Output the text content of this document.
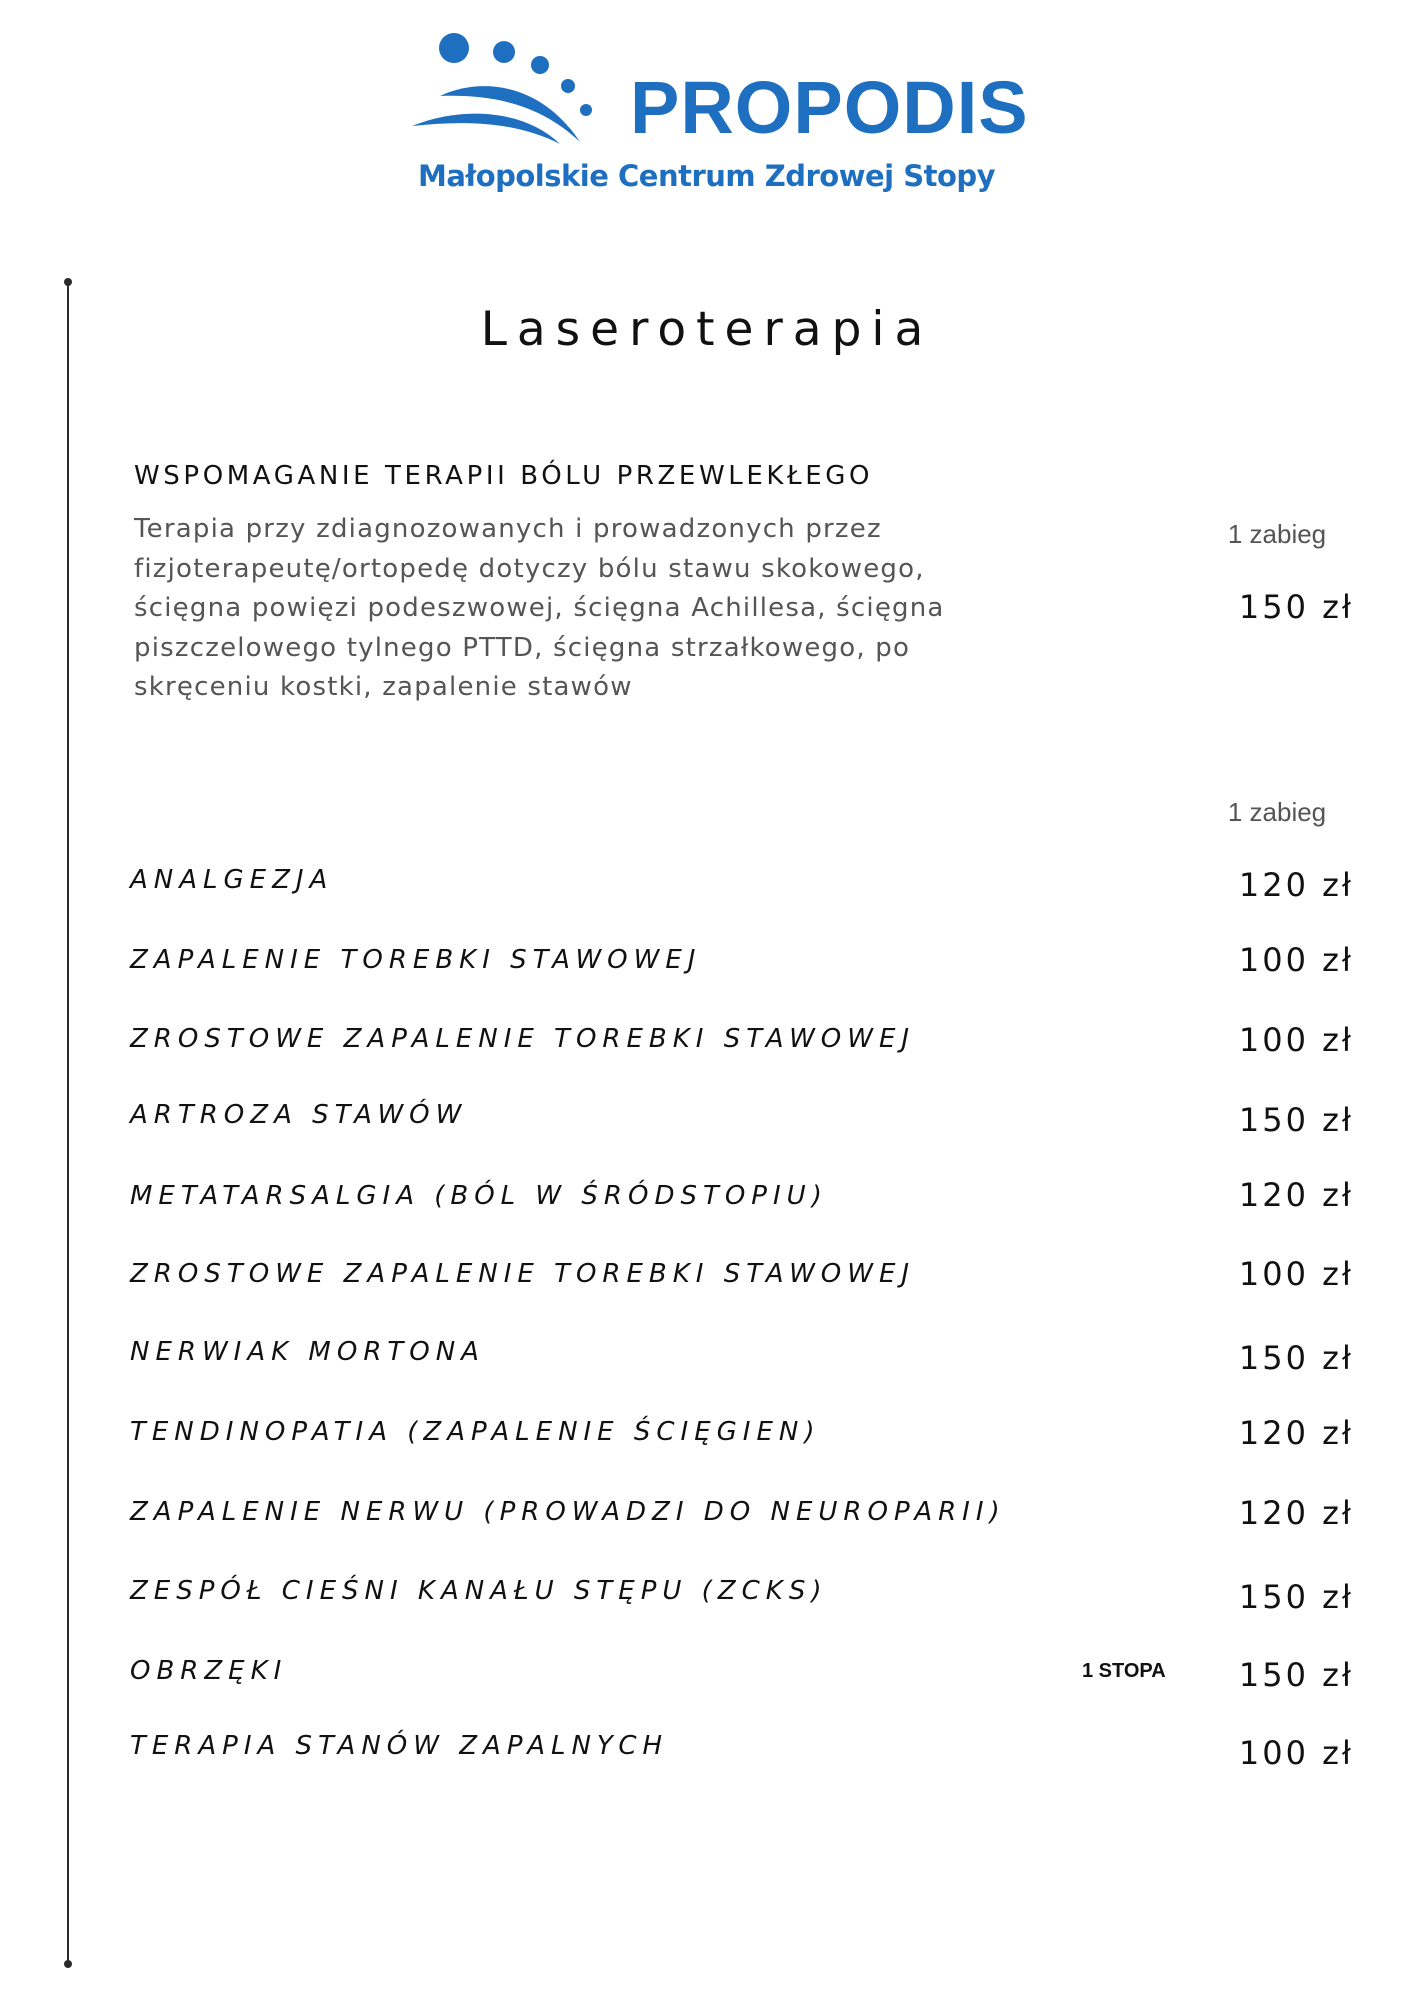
PROPODIS
Małopolskie Centrum Zdrowej Stopy
Laseroterapia
WSPOMAGANIE TERAPII BÓLU PRZEWLEKŁEGO
Terapia przy zdiagnozowanych i prowadzonych przez
fizjoterapeutę/ortopedę dotyczy bólu stawu skokowego,
ścięgna powięzi podeszwowej, ścięgna Achillesa, ścięgna
piszczelowego tylnego PTTD, ścięgna strzałkowego, po
skręceniu kostki, zapalenie stawów
1 zabieg
150 zł
1 zabieg
ANALGEZJA	120 zł
ZAPALENIE TOREBKI STAWOWEJ	100 zł
ZROSTOWE ZAPALENIE TOREBKI STAWOWEJ	100 zł
ARTROZA STAWÓW	150 zł
METATARSALGIA (BÓL W ŚRÓDSTOPIU)	120 zł
ZROSTOWE ZAPALENIE TOREBKI STAWOWEJ	100 zł
NERWIAK MORTONA	150 zł
TENDINOPATIA (ZAPALENIE ŚCIĘGIEN)	120 zł
ZAPALENIE NERWU (PROWADZI DO NEUROPARII)	120 zł
ZESPÓŁ CIEŚNI KANAŁU STĘPU (ZCKS)	150 zł
OBRZĘKI	1 STOPA 150 zł
TERAPIA STANÓW ZAPALNYCH	100 zł
